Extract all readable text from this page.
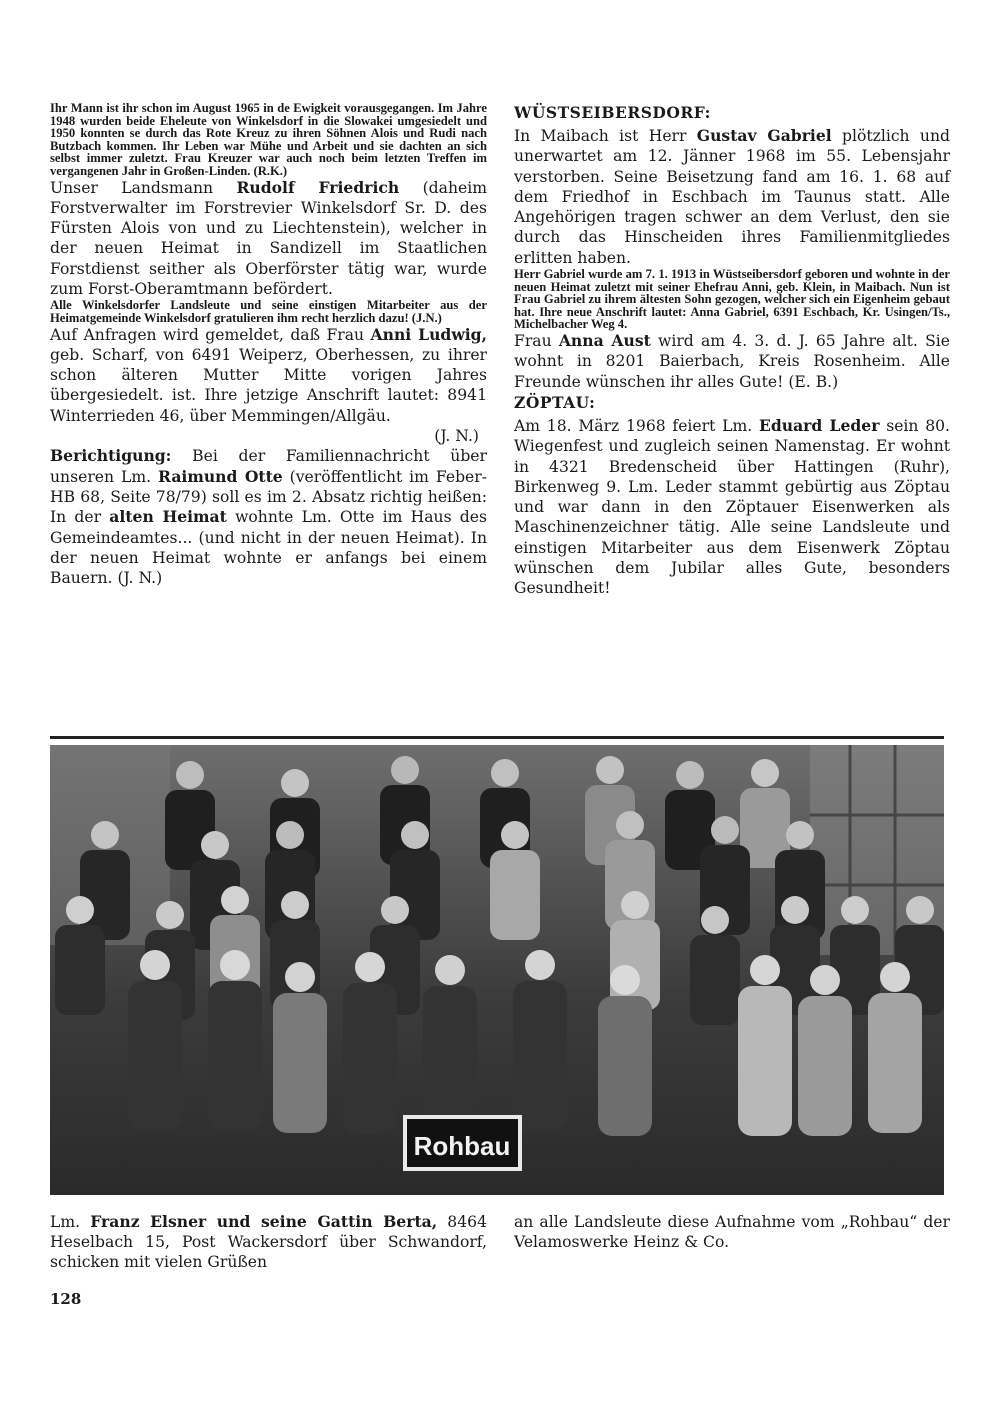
Ihr Mann ist ihr schon im August 1965 in de Ewigkeit vorausgegangen. Im Jahre 1948 wurden beide Eheleute von Winkelsdorf in die Slowakei umgesiedelt und 1950 konnten se durch das Rote Kreuz zu ihren Söhnen Alois und Rudi nach Butzbach kommen. Ihr Leben war Mühe und Arbeit und sie dachten an sich selbst immer zuletzt. Frau Kreuzer war auch noch beim letzten Treffen im vergangenen Jahr in Großen-Linden. (R.K.)

Unser Landsmann Rudolf Friedrich (daheim Forstverwalter im Forstrevier Winkelsdorf Sr. D. des Fürsten Alois von und zu Liechtenstein), welcher in der neuen Heimat in Sandizell im Staatlichen Forstdienst seither als Oberförster tätig war, wurde zum Forst-Oberamtmann befördert.

Alle Winkelsdorfer Landsleute und seine einstigen Mitarbeiter aus der Heimatgemeinde Winkelsdorf gratulieren ihm recht herzlich dazu! (J.N.)

Auf Anfragen wird gemeldet, daß Frau Anni Ludwig, geb. Scharf, von 6491 Weiperz, Oberhessen, zu ihrer schon älteren Mutter Mitte vorigen Jahres übergesiedelt. ist. Ihre jetzige Anschrift lautet: 8941 Winterrieden 46, über Memmingen/Allgäu.

(J. N.)

Berichtigung: Bei der Familiennachricht über unseren Lm. Raimund Otte (veröffentlicht im Feber-HB 68, Seite 78/79) soll es im 2. Absatz richtig heißen: In der alten Heimat wohnte Lm. Otte im Haus des Gemeindeamtes... (und nicht in der neuen Heimat). In der neuen Heimat wohnte er anfangs bei einem Bauern. (J. N.)

WÜSTSEIBERSDORF:

In Maibach ist Herr Gustav Gabriel plötzlich und unerwartet am 12. Jänner 1968 im 55. Lebensjahr verstorben. Seine Beisetzung fand am 16. 1. 68 auf dem Friedhof in Eschbach im Taunus statt. Alle Angehörigen tragen schwer an dem Verlust, den sie durch das Hinscheiden ihres Familienmitgliedes erlitten haben.

Herr Gabriel wurde am 7. 1. 1913 in Wüstseibersdorf geboren und wohnte in der neuen Heimat zuletzt mit seiner Ehefrau Anni, geb. Klein, in Maibach. Nun ist Frau Gabriel zu ihrem ältesten Sohn gezogen, welcher sich ein Eigenheim gebaut hat. Ihre neue Anschrift lautet: Anna Gabriel, 6391 Eschbach, Kr. Usingen/Ts., Michelbacher Weg 4.

Frau Anna Aust wird am 4. 3. d. J. 65 Jahre alt. Sie wohnt in 8201 Baierbach, Kreis Rosenheim. Alle Freunde wünschen ihr alles Gute! (E. B.)

ZÖPTAU:

Am 18. März 1968 feiert Lm. Eduard Leder sein 80. Wiegenfest und zugleich seinen Namenstag. Er wohnt in 4321 Bredenscheid über Hattingen (Ruhr), Birkenweg 9. Lm. Leder stammt gebürtig aus Zöptau und war dann in den Zöptauer Eisenwerken als Maschinenzeichner tätig. Alle seine Landsleute und einstigen Mitarbeiter aus dem Eisenwerk Zöptau wünschen dem Jubilar alles Gute, besonders Gesundheit!

Rohbau

Lm. Franz Elsner und seine Gattin Berta, 8464 Heselbach 15, Post Wackersdorf über Schwandorf, schicken mit vielen Grüßen

an alle Landsleute diese Aufnahme vom „Rohbau“ der Velamoswerke Heinz & Co.

128
